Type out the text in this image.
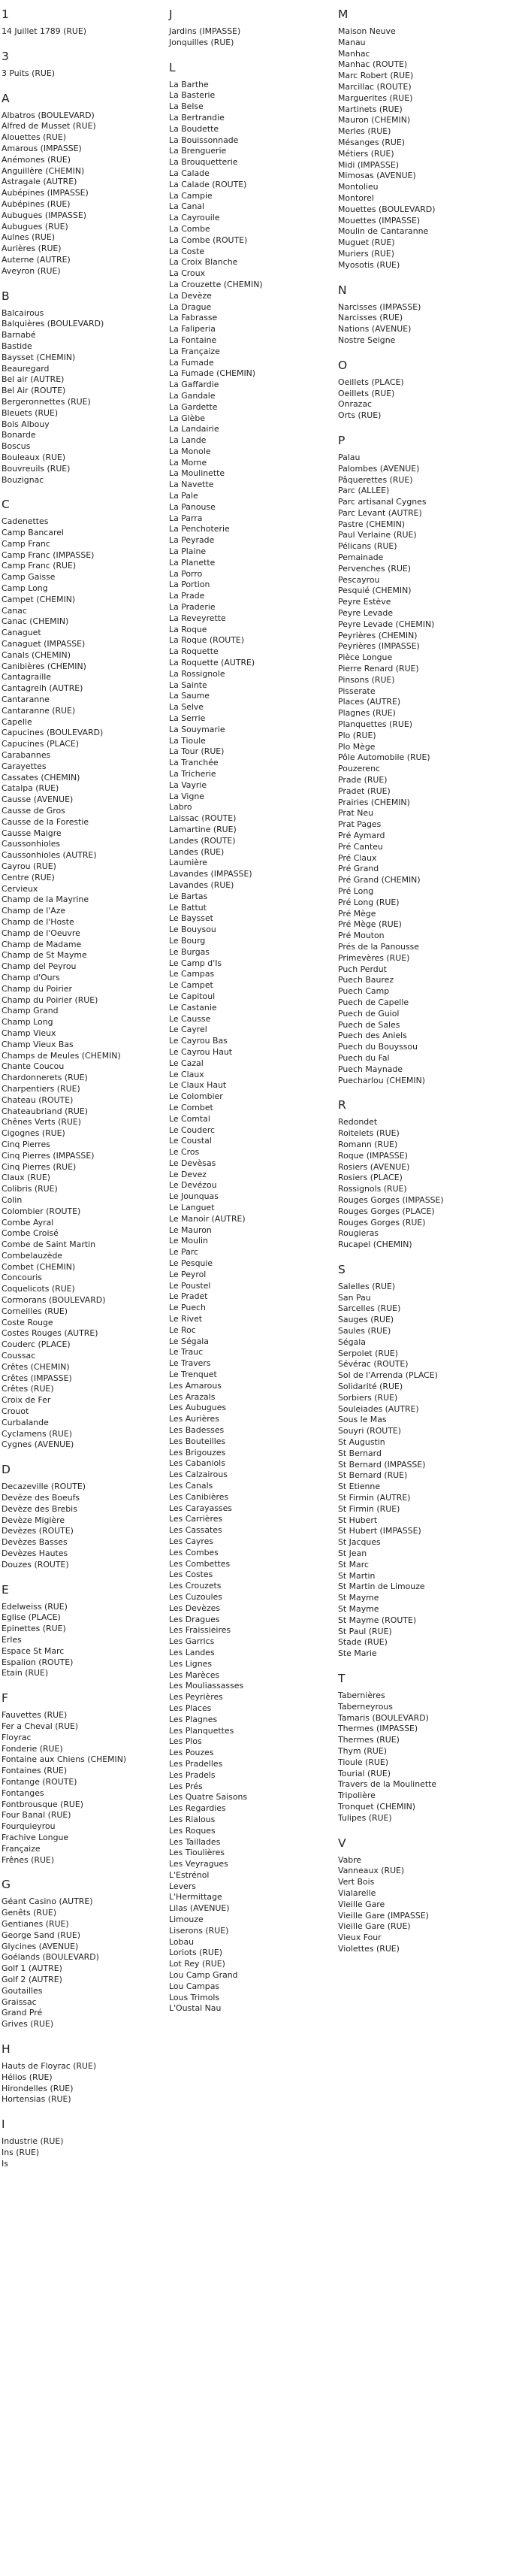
1
14 Juillet 1789 (RUE)
3
3 Puits (RUE)
A
Albatros (BOULEVARD)
Alfred de Musset (RUE)
Alouettes (RUE)
Amarous (IMPASSE)
Anémones (RUE)
Anguillère (CHEMIN)
Astragale (AUTRE)
Aubépines (IMPASSE)
Aubépines (RUE)
Aubugues (IMPASSE)
Aubugues (RUE)
Aulnes (RUE)
Aurières (RUE)
Auterne (AUTRE)
Aveyron (RUE)
B
Balcairous
Balquières (BOULEVARD)
Barnabé
Bastide
Baysset (CHEMIN)
Beauregard
Bel air (AUTRE)
Bel Air (ROUTE)
Bergeronnettes (RUE)
Bleuets (RUE)
Bois Albouy
Bonarde
Boscus
Bouleaux (RUE)
Bouvreuils (RUE)
Bouzignac
C
Cadenettes
Camp Bancarel
Camp Franc
Camp Franc (IMPASSE)
Camp Franc (RUE)
Camp Gaisse
Camp Long
Campet (CHEMIN)
Canac
Canac (CHEMIN)
Canaguet
Canaguet (IMPASSE)
Canals (CHEMIN)
Canibières (CHEMIN)
Cantagraille
Cantagrelh (AUTRE)
Cantaranne
Cantaranne (RUE)
Capelle
Capucines (BOULEVARD)
Capucines (PLACE)
Carabannes
Carayettes
Cassates (CHEMIN)
Catalpa (RUE)
Causse (AVENUE)
Causse de Gros
Causse de la Forestie
Causse Maigre
Caussonhioles
Caussonhioles (AUTRE)
Cayrou (RUE)
Centre (RUE)
Cervieux
Champ de la Mayrine
Champ de l'Aze
Champ de l'Hoste
Champ de l'Oeuvre
Champ de Madame
Champ de St Mayme
Champ del Peyrou
Champ d'Ours
Champ du Poirier
Champ du Poirier (RUE)
Champ Grand
Champ Long
Champ Vieux
Champ Vieux Bas
Champs de Meules (CHEMIN)
Chante Coucou
Chardonnerets (RUE)
Charpentiers (RUE)
Chateau (ROUTE)
Chateaubriand (RUE)
Chênes Verts (RUE)
Cigognes (RUE)
Cinq Pierres
Cinq Pierres (IMPASSE)
Cinq Pierres (RUE)
Claux (RUE)
Colibris (RUE)
Colin
Colombier (ROUTE)
Combe Ayral
Combe Croisé
Combe de Saint Martin
Combelauzède
Combet (CHEMIN)
Concouris
Coquelicots (RUE)
Cormorans (BOULEVARD)
Corneilles (RUE)
Coste Rouge
Costes Rouges (AUTRE)
Couderc (PLACE)
Coussac
Crêtes (CHEMIN)
Crêtes (IMPASSE)
Crêtes (RUE)
Croix de Fer
Crouot
Curbalande
Cyclamens (RUE)
Cygnes (AVENUE)
D
Decazeville (ROUTE)
Devèze des Boeufs
Devèze des Brebis
Devèze Migière
Devèzes (ROUTE)
Devèzes Basses
Devèzes Hautes
Douzes (ROUTE)
E
Edelweiss (RUE)
Eglise (PLACE)
Epinettes (RUE)
Erles
Espace St Marc
Espalion (ROUTE)
Etain (RUE)
F
Fauvettes (RUE)
Fer a Cheval (RUE)
Floyrac
Fonderie (RUE)
Fontaine aux Chiens (CHEMIN)
Fontaines (RUE)
Fontange (ROUTE)
Fontanges
Fontbrousque (RUE)
Four Banal (RUE)
Fourquieyrou
Frachive Longue
Françaize
Frênes (RUE)
G
Géant Casino (AUTRE)
Genêts (RUE)
Gentianes (RUE)
George Sand (RUE)
Glycines (AVENUE)
Goélands (BOULEVARD)
Golf 1 (AUTRE)
Golf 2 (AUTRE)
Goutailles
Graissac
Grand Pré
Grives (RUE)
H
Hauts de Floyrac (RUE)
Hélios (RUE)
Hirondelles (RUE)
Hortensias (RUE)
I
Industrie (RUE)
Ins (RUE)
Is
J
Jardins (IMPASSE)
Jonquilles (RUE)
L
La Barthe
La Basterie
La Belse
La Bertrandie
La Boudette
La Bouissonnade
La Brenguerie
La Brouquetterie
La Calade
La Calade (ROUTE)
La Campie
La Canal
La Cayrouile
La Combe
La Combe (ROUTE)
La Coste
La Croix Blanche
La Croux
La Crouzette (CHEMIN)
La Devèze
La Drague
La Fabrasse
La Faliperia
La Fontaine
La Françaize
La Fumade
La Fumade (CHEMIN)
La Gaffardie
La Gandale
La Gardette
La Glèbe
La Landairie
La Lande
La Monole
La Morne
La Moulinette
La Navette
La Pale
La Panouse
La Parra
La Penchoterie
La Peyrade
La Plaine
La Planette
La Porro
La Portion
La Prade
La Praderie
La Reveyrette
La Roque
La Roque (ROUTE)
La Roquette
La Roquette (AUTRE)
La Rossignole
La Sainte
La Saume
La Selve
La Serrie
La Souymarie
La Tioule
La Tour (RUE)
La Tranchée
La Tricherie
La Vayrie
La Vigne
Labro
Laissac (ROUTE)
Lamartine (RUE)
Landes (ROUTE)
Landes (RUE)
Laumière
Lavandes (IMPASSE)
Lavandes (RUE)
Le Bartas
Le Battut
Le Baysset
Le Bouysou
Le Bourg
Le Burgas
Le Camp d'Is
Le Campas
Le Campet
Le Capitoul
Le Castanie
Le Causse
Le Cayrel
Le Cayrou Bas
Le Cayrou Haut
Le Cazal
Le Claux
Le Claux Haut
Le Colombier
Le Combet
Le Comtal
Le Couderc
Le Coustal
Le Cros
Le Devèsas
Le Devez
Le Devézou
Le Jounquas
Le Languet
Le Manoir (AUTRE)
Le Mauron
Le Moulin
Le Parc
Le Pesquie
Le Peyrol
Le Poustel
Le Pradet
Le Puech
Le Rivet
Le Roc
Le Ségala
Le Trauc
Le Travers
Le Trenquet
Les Amarous
Les Arazals
Les Aubugues
Les Aurières
Les Badesses
Les Bouteilles
Les Brigouzes
Les Cabaniols
Les Calzairous
Les Canals
Les Canibières
Les Carayasses
Les Carrières
Les Cassates
Les Cayres
Les Combes
Les Combettes
Les Costes
Les Crouzets
Les Cuzoules
Les Devèzes
Les Dragues
Les Fraissieires
Les Garrics
Les Landes
Les Lignes
Les Marèces
Les Mouliassasses
Les Peyrières
Les Places
Les Plagnes
Les Planquettes
Les Plos
Les Pouzes
Les Pradelles
Les Pradels
Les Prés
Les Quatre Saisons
Les Regardies
Les Rialous
Les Roques
Les Taillades
Les Tioulières
Les Veyragues
L'Estrénol
Levers
L'Hermittage
Lilas (AVENUE)
Limouze
Liserons (RUE)
Lobau
Loriots (RUE)
Lot Rey (RUE)
Lou Camp Grand
Lou Campas
Lous Trimols
L'Oustal Nau
M
Maison Neuve
Manau
Manhac
Manhac (ROUTE)
Marc Robert (RUE)
Marcillac (ROUTE)
Marguerites (RUE)
Martinets (RUE)
Mauron (CHEMIN)
Merles (RUE)
Mésanges (RUE)
Métiers (RUE)
Midi (IMPASSE)
Mimosas (AVENUE)
Montolieu
Montorel
Mouettes (BOULEVARD)
Mouettes (IMPASSE)
Moulin de Cantaranne
Muguet (RUE)
Muriers (RUE)
Myosotis (RUE)
N
Narcisses (IMPASSE)
Narcisses (RUE)
Nations (AVENUE)
Nostre Seigne
O
Oeillets (PLACE)
Oeillets (RUE)
Onrazac
Orts (RUE)
P
Palau
Palombes (AVENUE)
Pâquerettes (RUE)
Parc (ALLEE)
Parc artisanal Cygnes
Parc Levant (AUTRE)
Pastre (CHEMIN)
Paul Verlaine (RUE)
Pélicans (RUE)
Pemainade
Pervenches (RUE)
Pescayrou
Pesquié (CHEMIN)
Peyre Estève
Peyre Levade
Peyre Levade (CHEMIN)
Peyrières (CHEMIN)
Peyrières (IMPASSE)
Pièce Longue
Pierre Renard (RUE)
Pinsons (RUE)
Pisserate
Places (AUTRE)
Plagnes (RUE)
Planquettes (RUE)
Plo (RUE)
Plo Mège
Pôle Automobile (RUE)
Pouzerenc
Prade (RUE)
Pradet (RUE)
Prairies (CHEMIN)
Prat Neu
Prat Pages
Pré Aymard
Pré Canteu
Pré Claux
Pré Grand
Pré Grand (CHEMIN)
Pré Long
Pré Long (RUE)
Pré Mège
Pré Mège (RUE)
Pré Mouton
Prés de la Panousse
Primevères (RUE)
Puch Perdut
Puech Baurez
Puech Camp
Puech de Capelle
Puech de Guiol
Puech de Sales
Puech des Aniels
Puech du Bouyssou
Puech du Fal
Puech Maynade
Puecharlou (CHEMIN)
R
Redondet
Roitelets (RUE)
Romann (RUE)
Roque (IMPASSE)
Rosiers (AVENUE)
Rosiers (PLACE)
Rossignols (RUE)
Rouges Gorges (IMPASSE)
Rouges Gorges (PLACE)
Rouges Gorges (RUE)
Rougieras
Rucapel (CHEMIN)
S
Salelles (RUE)
San Pau
Sarcelles (RUE)
Sauges (RUE)
Saules (RUE)
Ségala
Serpolet (RUE)
Sévérac (ROUTE)
Sol de l'Arrenda (PLACE)
Solidarité (RUE)
Sorbiers (RUE)
Souleiades (AUTRE)
Sous le Mas
Souyri (ROUTE)
St Augustin
St Bernard
St Bernard (IMPASSE)
St Bernard (RUE)
St Etienne
St Firmin (AUTRE)
St Firmin (RUE)
St Hubert
St Hubert (IMPASSE)
St Jacques
St Jean
St Marc
St Martin
St Martin de Limouze
St Mayme
St Mayme
St Mayme (ROUTE)
St Paul (RUE)
Stade (RUE)
Ste Marie
T
Tabernières
Taberneyrous
Tamaris (BOULEVARD)
Thermes (IMPASSE)
Thermes (RUE)
Thym (RUE)
Tioule (RUE)
Tourial (RUE)
Travers de la Moulinette
Tripolière
Tronquet (CHEMIN)
Tulipes (RUE)
V
Vabre
Vanneaux (RUE)
Vert Bois
Vialarelle
Vieille Gare
Vieille Gare (IMPASSE)
Vieille Gare (RUE)
Vieux Four
Violettes (RUE)
